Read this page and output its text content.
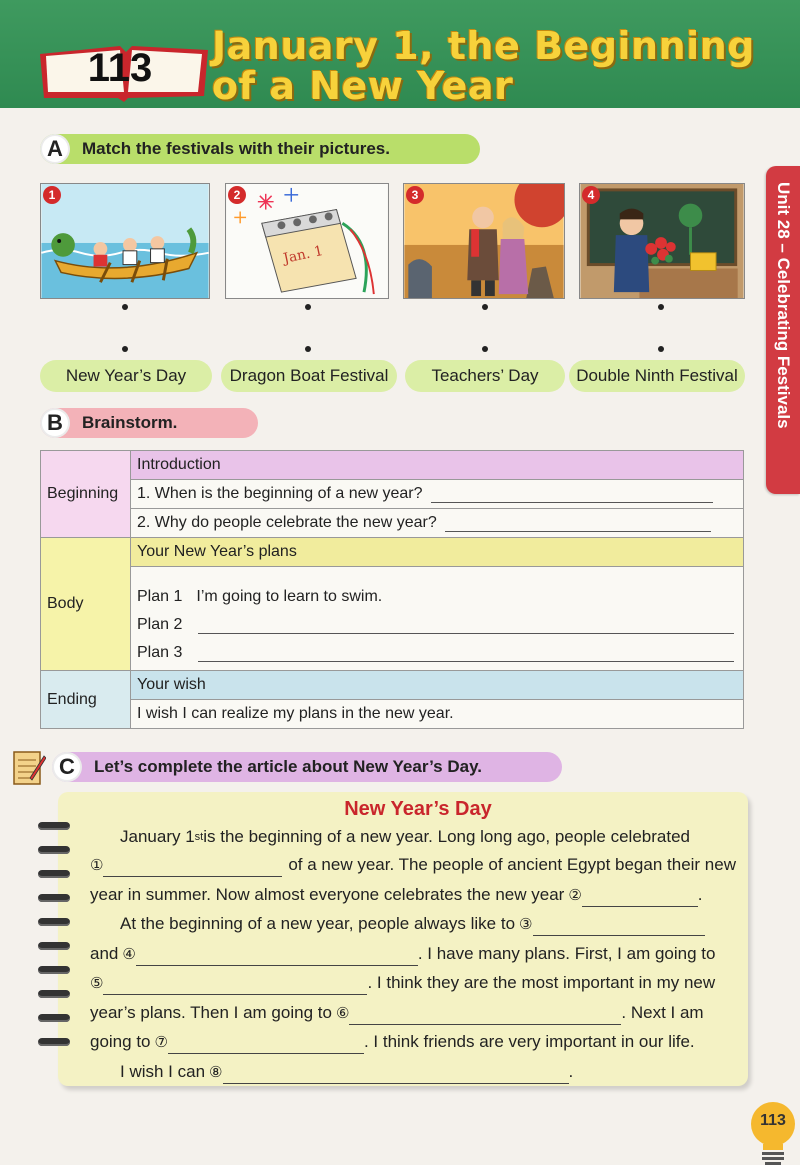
113 January 1, the Beginning
of a New Year
Unit 28 – Celebrating Festivals
A	Match the festivals with their pictures.
1	2
Jan. 1
3	4
New Year’s Day	Dragon Boat Festival	Teachers’ Day	Double Ninth Festival
B	Brainstorm.
Beginning	Introduction

	1. When is the beginning of a new year?

	2. Why do people celebrate the new year?

Body	Your New Year’s plans

	Plan 1 I’m going to learn to swim.
Plan 2
Plan 3

Ending	Your wish
	I wish I can realize my plans in the new year.
C	Let’s complete the article about New Year’s Day.
New Year’s Day
January 1 st is the beginning of a new year. Long long ago, people celebrated
①	of a new year. The people of ancient Egypt began their new
year in summer. Now almost everyone celebrates the new year ②	.
At the beginning of a new year, people always like to ③
and ④	. I have many plans. First, I am going to
⑤	. I think they are the most important in my new
year’s plans. Then I am going to ⑥	. Next I am
going to ⑦	. I think friends are very important in our life.
I wish I can ⑧	.
113
